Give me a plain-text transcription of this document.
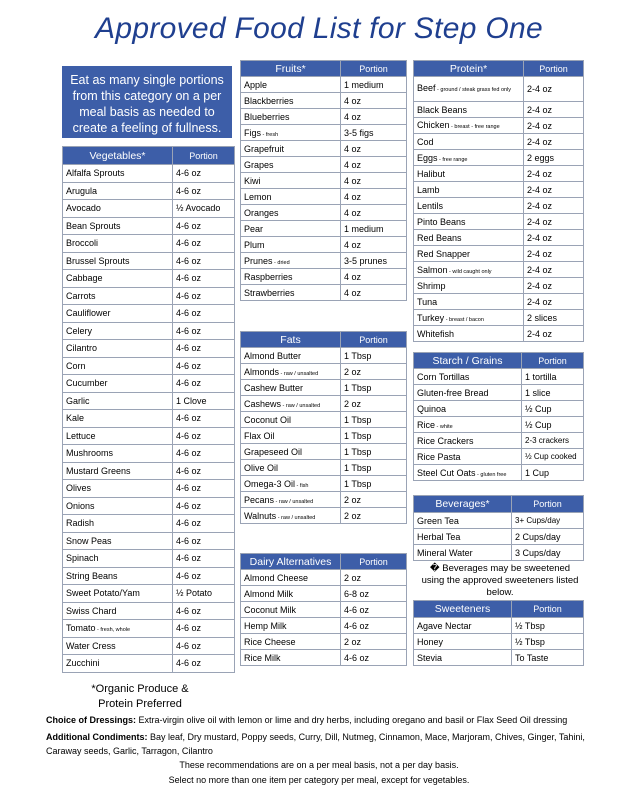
Approved Food List for Step One
Eat as many single portions from this category on a per meal basis as needed to create a feeling of fullness.
Vegetables*	Portion
Alfalfa Sprouts	4-6 oz
Arugula	4-6 oz
Avocado	½ Avocado
Bean Sprouts	4-6 oz
Broccoli	4-6 oz
Brussel Sprouts	4-6 oz
Cabbage	4-6 oz
Carrots	4-6 oz
Cauliflower	4-6 oz
Celery	4-6 oz
Cilantro	4-6 oz
Corn	4-6 oz
Cucumber	4-6 oz
Garlic	1 Clove
Kale	4-6 oz
Lettuce	4-6 oz
Mushrooms	4-6 oz
Mustard Greens	4-6 oz
Olives	4-6 oz
Onions	4-6 oz
Radish	4-6 oz
Snow Peas	4-6 oz
Spinach	4-6 oz
String Beans	4-6 oz
Sweet Potato/Yam	½ Potato
Swiss Chard	4-6 oz
Tomato - fresh, whole	4-6 oz
Water Cress	4-6 oz
Zucchini	4-6 oz
Fruits*	Portion
Apple	1 medium
Blackberries	4 oz
Blueberries	4 oz
Figs - fresh	3-5 figs
Grapefruit	4 oz
Grapes	4 oz
Kiwi	4 oz
Lemon	4 oz
Oranges	4 oz
Pear	1 medium
Plum	4 oz
Prunes - dried	3-5 prunes
Raspberries	4 oz
Strawberries	4 oz
Fats	Portion
Almond Butter	1 Tbsp
Almonds - raw / unsalted	2 oz
Cashew Butter	1 Tbsp
Cashews - raw / unsalted	2 oz
Coconut Oil	1 Tbsp
Flax Oil	1 Tbsp
Grapeseed Oil	1 Tbsp
Olive Oil	1 Tbsp
Omega-3 Oil - fish	1 Tbsp
Pecans - raw / unsalted	2 oz
Walnuts - raw / unsalted	2 oz
Dairy Alternatives	Portion
Almond Cheese	2 oz
Almond Milk	6-8 oz
Coconut Milk	4-6 oz
Hemp Milk	4-6 oz
Rice Cheese	2 oz
Rice Milk	4-6 oz
Protein*	Portion
Beef - ground / steak grass fed only	2-4 oz
Black Beans	2-4 oz
Chicken - breast - free range	2-4 oz
Cod	2-4 oz
Eggs - free range	2 eggs
Halibut	2-4 oz
Lamb	2-4 oz
Lentils	2-4 oz
Pinto Beans	2-4 oz
Red Beans	2-4 oz
Red Snapper	2-4 oz
Salmon - wild caught only	2-4 oz
Shrimp	2-4 oz
Tuna	2-4 oz
Turkey - breast / bacon	2 slices
Whitefish	2-4 oz
Starch / Grains	Portion
Corn Tortillas	1 tortilla
Gluten-free Bread	1 slice
Quinoa	½ Cup
Rice - white	½ Cup
Rice Crackers	2-3 crackers
Rice Pasta	½ Cup cooked
Steel Cut Oats - gluten free	1 Cup
Beverages*	Portion
Green Tea	3+ Cups/day
Herbal Tea	2 Cups/day
Mineral Water	3 Cups/day
� Beverages may be sweetened using the approved sweeteners listed below.
Sweeteners	Portion
Agave Nectar	½ Tbsp
Honey	½ Tbsp
Stevia	To Taste
*Organic Produce &
Protein Preferred
Choice of Dressings: Extra-virgin olive oil with lemon or lime and dry herbs, including oregano and basil or Flax Seed Oil dressing
Additional Condiments: Bay leaf, Dry mustard, Poppy seeds, Curry, Dill, Nutmeg, Cinnamon, Mace, Marjoram, Chives, Ginger, Tahini, Caraway seeds, Garlic, Tarragon, Cilantro
These recommendations are on a per meal basis, not a per day basis.
Select no more than one item per category per meal, except for vegetables.
